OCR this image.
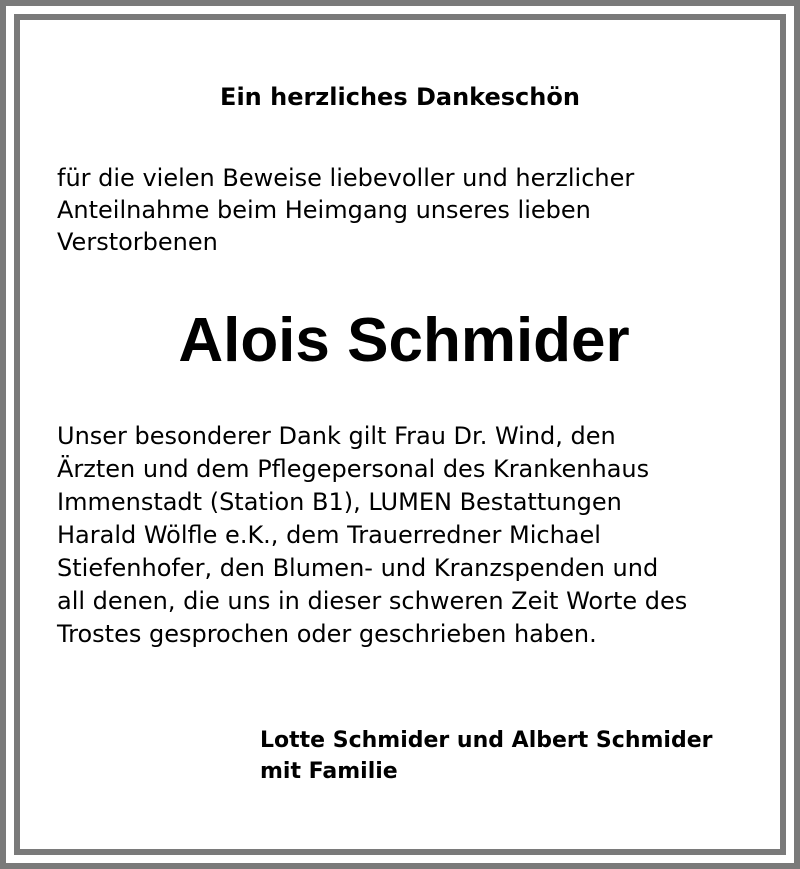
Ein herzliches Dankeschön
für die vielen Beweise liebevoller und herzlicher
Anteilnahme beim Heimgang unseres lieben
Verstorbenen
Alois Schmider
Unser besonderer Dank gilt Frau Dr. Wind, den
Ärzten und dem Pflegepersonal des Krankenhaus
Immenstadt (Station B1), LUMEN Bestattungen
Harald Wölfle e.K., dem Trauerredner Michael
Stiefenhofer, den Blumen- und Kranzspenden und
all denen, die uns in dieser schweren Zeit Worte des
Trostes gesprochen oder geschrieben haben.
Lotte Schmider und Albert Schmider
mit Familie
